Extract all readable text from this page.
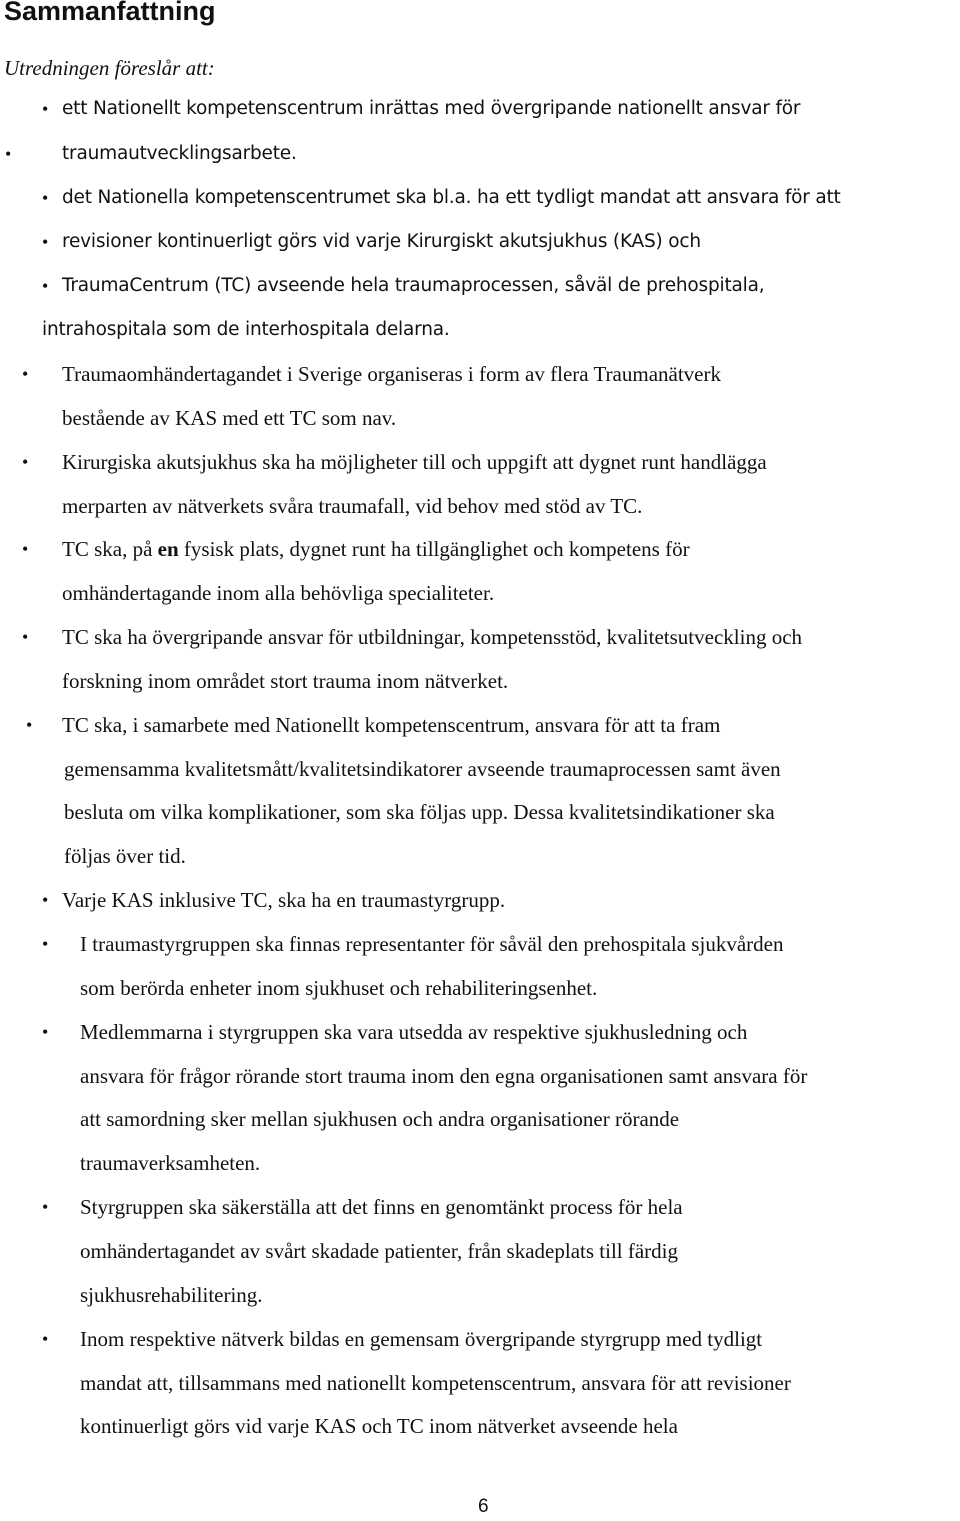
Sammanfattning

Utredningen föreslår att:

• ett Nationellt kompetenscentrum inrättas med övergripande nationellt ansvar för
•	traumautvecklingsarbete.
• det Nationella kompetenscentrumet ska bl.a. ha ett tydligt mandat att ansvara för att
• revisioner kontinuerligt görs vid varje Kirurgiskt akutsjukhus (KAS) och
• TraumaCentrum (TC) avseende hela traumaprocessen, såväl de prehospitala,
intrahospitala som de interhospitala delarna.
• Traumaomhändertagandet i Sverige organiseras i form av flera Traumanätverk
bestående av KAS med ett TC som nav.
• Kirurgiska akutsjukhus ska ha möjligheter till och uppgift att dygnet runt handlägga
merparten av nätverkets svåra traumafall, vid behov med stöd av TC.
• TC ska, på en fysisk plats, dygnet runt ha tillgänglighet och kompetens för
omhändertagande inom alla behövliga specialiteter.
• TC ska ha övergripande ansvar för utbildningar, kompetensstöd, kvalitetsutveckling och
forskning inom området stort trauma inom nätverket.
• TC ska, i samarbete med Nationellt kompetenscentrum, ansvara för att ta fram
gemensamma kvalitetsmått/kvalitetsindikatorer avseende traumaprocessen samt även
besluta om vilka komplikationer, som ska följas upp. Dessa kvalitetsindikationer ska
följas över tid.
• Varje KAS inklusive TC, ska ha en traumastyrgrupp.
• I traumastyrgruppen ska finnas representanter för såväl den prehospitala sjukvården
som berörda enheter inom sjukhuset och rehabiliteringsenhet.
• Medlemmarna i styrgruppen ska vara utsedda av respektive sjukhusledning och
ansvara för frågor rörande stort trauma inom den egna organisationen samt ansvara för
att samordning sker mellan sjukhusen och andra organisationer rörande
traumaverksamheten.
• Styrgruppen ska säkerställa att det finns en genomtänkt process för hela
omhändertagandet av svårt skadade patienter, från skadeplats till färdig
sjukhusrehabilitering.
• Inom respektive nätverk bildas en gemensam övergripande styrgrupp med tydligt
mandat att, tillsammans med nationellt kompetenscentrum, ansvara för att revisioner
kontinuerligt görs vid varje KAS och TC inom nätverket avseende hela
6
